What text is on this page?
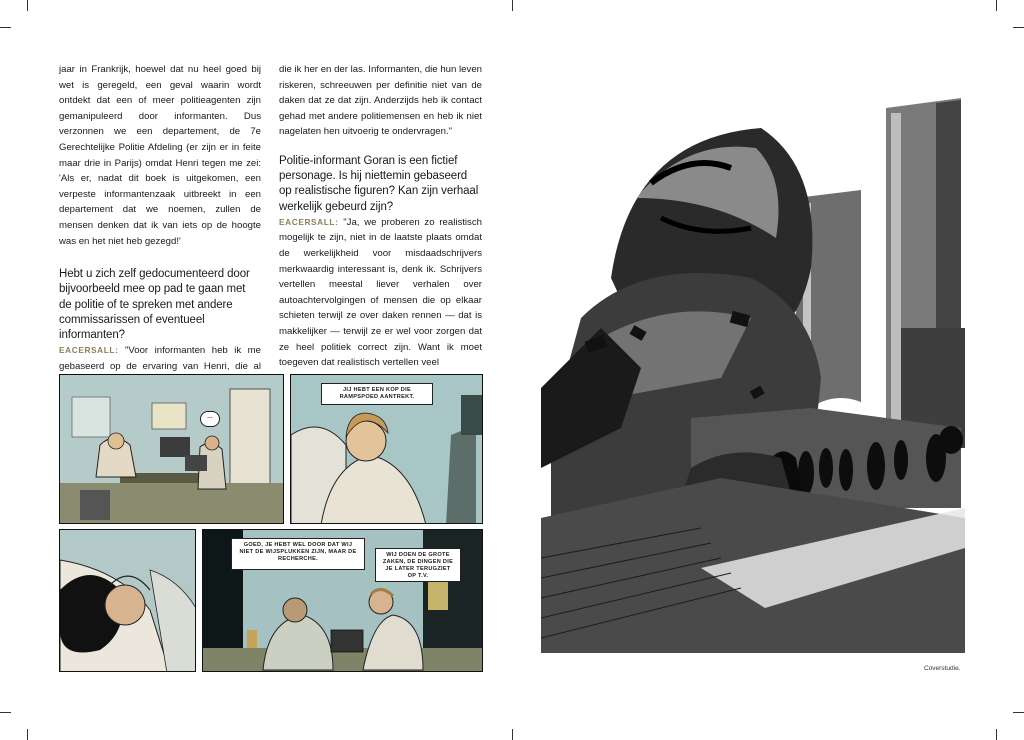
jaar in Frankrijk, hoewel dat nu heel goed bij wet is geregeld, een geval waarin wordt ontdekt dat een of meer politieagenten zijn gemanipuleerd door informanten. Dus verzonnen we een departement, de 7e Gerechtelijke Politie Afdeling (er zijn er in feite maar drie in Parijs) omdat Henri tegen me zei: 'Als er, nadat dit boek is uitgekomen, een verpeste informantenzaak uitbreekt in een departement dat we noemen, zullen de mensen denken dat ik van iets op de hoogte was en het niet heb gezegd!'

Hebt u zich zelf gedocumenteerd door bijvoorbeeld mee op pad te gaan met de politie of te spreken met andere commissarissen of eventueel informanten?

EACERSALL: "Voor informanten heb ik me gebaseerd op de ervaring van Henri, die al

die ik her en der las. Informanten, die hun leven riskeren, schreeuwen per definitie niet van de daken dat ze dat zijn. Anderzijds heb ik contact gehad met andere politiemensen en heb ik niet nagelaten hen uitvoerig te ondervragen."

Politie-informant Goran is een fictief personage. Is hij niettemin gebaseerd op realistische figuren? Kan zijn verhaal werkelijk gebeurd zijn?

EACERSALL: "Ja, we proberen zo realistisch mogelijk te zijn, niet in de laatste plaats omdat de werkelijkheid voor misdaadschrijvers merkwaardig interessant is, denk ik. Schrijvers vertellen meestal liever verhalen over autoachtervolgingen of mensen die op elkaar schieten terwijl ze over daken rennen — dat is makkelijker — terwijl ze er wel voor zorgen dat ze heel politiek correct zijn. Want ik moet toegeven dat realistisch vertellen veel

...
JIJ HEBT EEN KOP DIE RAMPSPOED AANTREKT.
GOED, JE HEBT WEL DOOR DAT WIJ NIET DE WIJSPLUKKEN ZIJN, MAAR DE RECHERCHE.
WIJ DOEN DE GROTE ZAKEN, DE DINGEN DIE JE LATER TERUGZIET OP T.V.
Coverstudie.
